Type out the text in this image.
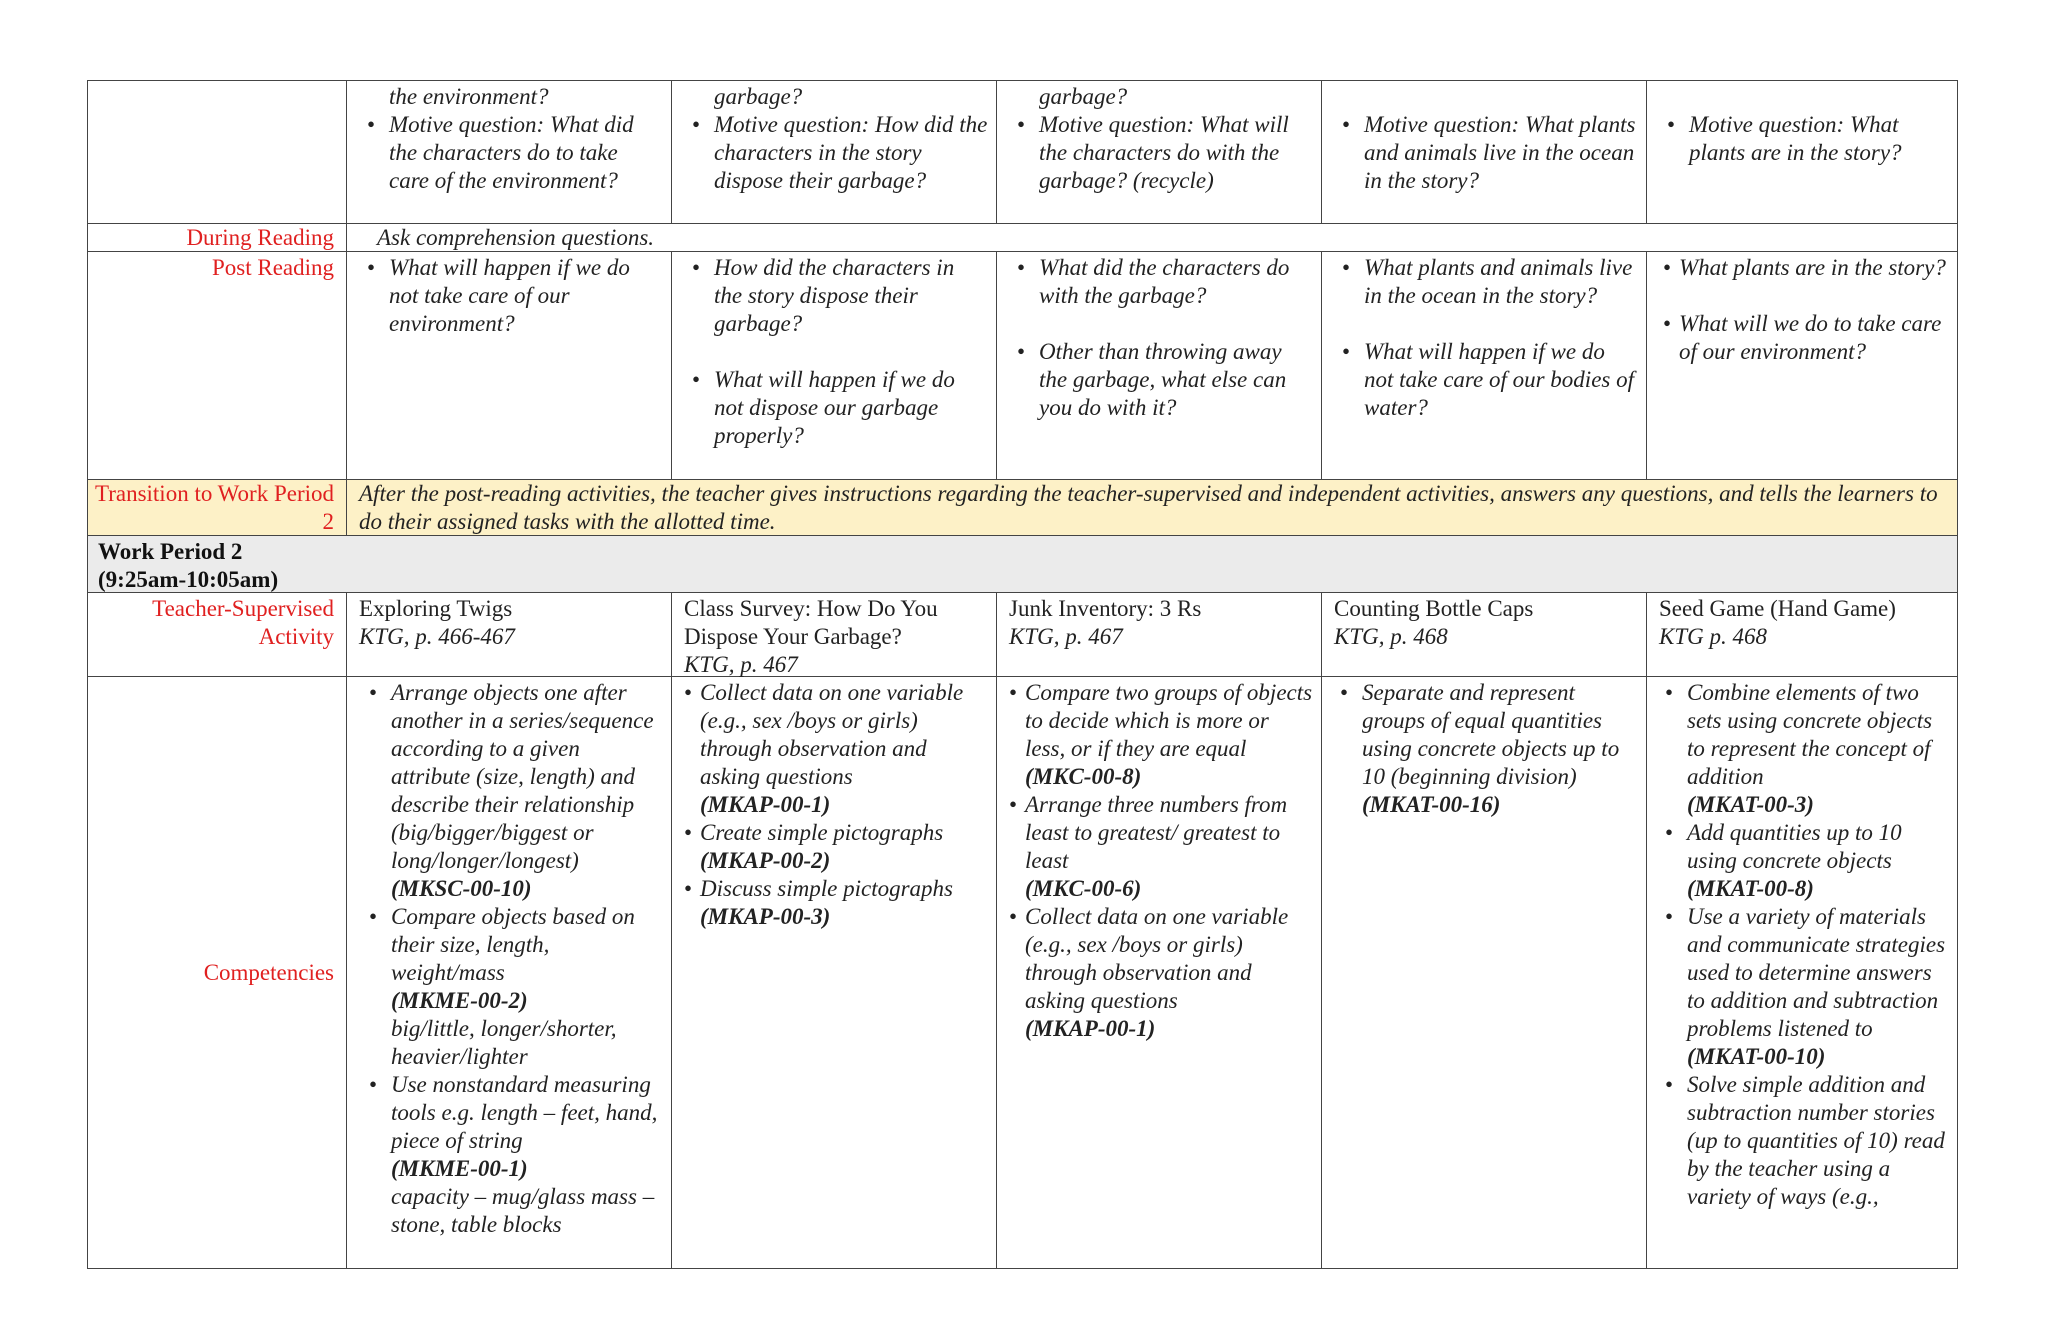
the environment?
• Motive question: What did the characters do to take care of the environment?
garbage?
• Motive question: How did the characters in the story dispose their garbage?
garbage?
• Motive question: What will the characters do with the garbage? (recycle)
• Motive question: What plants and animals live in the ocean in the story?
• Motive question: What plants are in the story?
During Reading	Ask comprehension questions.
Post Reading
•	What will happen if we do not take care of our environment?
• How did the characters in the story dispose their garbage?
• What will happen if we do not dispose our garbage properly?
• What did the characters do with the garbage?
• Other than throwing away the garbage, what else can you do with it?
• What plants and animals live in the ocean in the story?
• What will happen if we do not take care of our bodies of water?
• What plants are in the story?
• What will we do to take care of our environment?
Transition to Work Period 2
After the post-reading activities, the teacher gives instructions regarding the teacher-supervised and independent activities, answers any questions, and tells the learners to do their assigned tasks with the allotted time.
Work Period 2
(9:25am-10:05am)
Teacher-Supervised Activity
Exploring Twigs
KTG, p. 466-467
Class Survey: How Do You Dispose Your Garbage?
KTG, p. 467
Junk Inventory: 3 Rs
KTG, p. 467
Counting Bottle Caps
KTG, p. 468
Seed Game (Hand Game)
KTG p. 468
Competencies
• Arrange objects one after another in a series/sequence according to a given attribute (size, length) and describe their relationship (big/bigger/biggest or long/longer/longest)
(MKSC-00-10)
• Compare objects based on their size, length, weight/mass
(MKME-00-2)
big/little, longer/shorter, heavier/lighter
• Use nonstandard measuring tools e.g. length – feet, hand, piece of string
(MKME-00-1)
capacity – mug/glass mass – stone, table blocks
• Collect data on one variable (e.g., sex /boys or girls) through observation and asking questions
(MKAP-00-1)
• Create simple pictographs
(MKAP-00-2)
• Discuss simple pictographs
(MKAP-00-3)
• Compare two groups of objects to decide which is more or less, or if they are equal
(MKC-00-8)
• Arrange three numbers from least to greatest/ greatest to least
(MKC-00-6)
• Collect data on one variable (e.g., sex /boys or girls) through observation and asking questions
(MKAP-00-1)
• Separate and represent groups of equal quantities using concrete objects up to 10 (beginning division)
(MKAT-00-16)
• Combine elements of two sets using concrete objects to represent the concept of addition
(MKAT-00-3)
• Add quantities up to 10 using concrete objects
(MKAT-00-8)
• Use a variety of materials and communicate strategies used to determine answers to addition and subtraction problems listened to
(MKAT-00-10)
• Solve simple addition and subtraction number stories (up to quantities of 10) read by the teacher using a variety of ways (e.g.,
